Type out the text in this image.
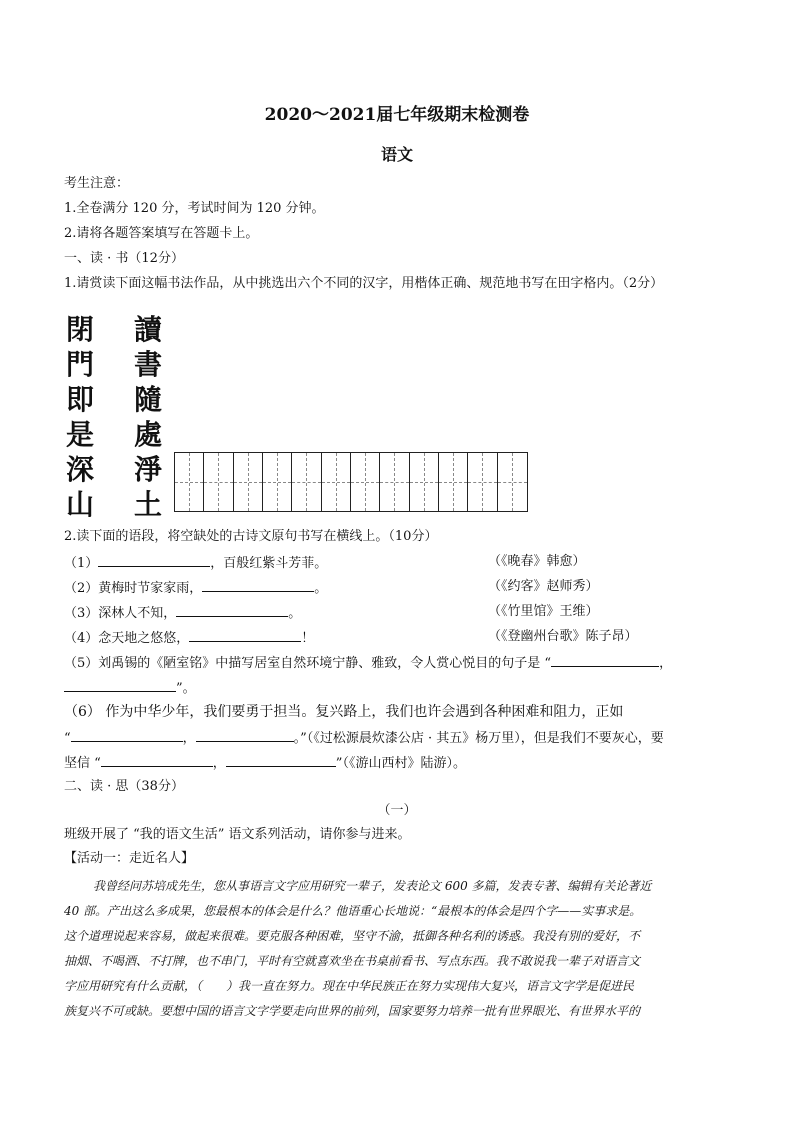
2020～2021届七年级期末检测卷
语文
考生注意：
1.全卷满分 120 分，考试时间为 120 分钟。
2.请将各题答案填写在答题卡上。
一、读 · 书（12分）
1.请赏读下面这幅书法作品，从中挑选出六个不同的汉字，用楷体正确、规范地书写在田字格内。（2分）
閉
門
即
是
深
山
讀
書
隨
處
淨
土
2.读下面的语段，将空缺处的古诗文原句书写在横线上。（10分）
（1）	，百般红紫斗芳菲。	（《晚春》韩愈）
（2）黄梅时节家家雨，	。	（《约客》赵师秀）
（3）深林人不知，	。	（《竹里馆》王维）
（4）念天地之悠悠，	！	（《登幽州台歌》陈子昂）
（5）刘禹锡的《陋室铭》中描写居室自然环境宁静、雅致，令人赏心悦目的句子是 “	，
”。
（6） 作为中华少年，我们要勇于担当。复兴路上，我们也许会遇到各种困难和阻力，正如
“	，	。”（《过松源晨炊漆公店 · 其五》杨万里），但是我们不要灰心，要
坚信 “	，	”（《游山西村》陆游）。
二、读 · 思（38分）
（一）
班级开展了 “我的语文生活” 语文系列活动，请你参与进来。
【活动一：走近名人】
我曾经问苏培成先生，您从事语言文字应用研究一辈子，发表论文 600 多篇，发表专著、编辑有关论著近
40 部。产出这么多成果，您最根本的体会是什么？他语重心长地说：“最根本的体会是四个字——实事求是。
这个道理说起来容易，做起来很难。要克服各种困难，坚守不渝，抵御各种名利的诱惑。我没有别的爱好，不
抽烟、不喝酒、不打牌，也不串门，平时有空就喜欢坐在书桌前看书、写点东西。我不敢说我一辈子对语言文
字应用研究有什么贡献，（　　）我一直在努力。现在中华民族正在努力实现伟大复兴，语言文字学是促进民
族复兴不可或缺。要想中国的语言文字学要走向世界的前列，国家要努力培养一批有世界眼光、有世界水平的
